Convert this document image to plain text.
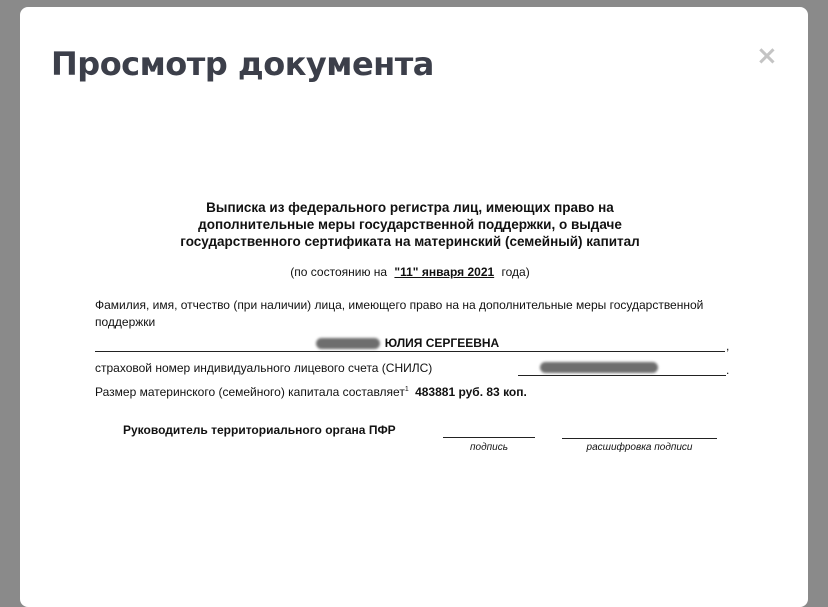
Просмотр документа	×
Выписка из федерального регистра лиц, имеющих право на
дополнительные меры государственной поддержки, о выдаче
государственного сертификата на материнский (семейный) капитал
(по состоянию на "11" января 2021 года)
Фамилия, имя, отчество (при наличии) лица, имеющего право на на дополнительные меры государственной поддержки
ЮЛИЯ СЕРГЕЕВНА	,
страховой номер индивидуального лицевого счета (СНИЛС)	.
Размер материнского (семейного) капитала составляет$^1$ 483881 руб. 83 коп.
Руководитель территориального органа ПФР
подпись	расшифровка подписи
